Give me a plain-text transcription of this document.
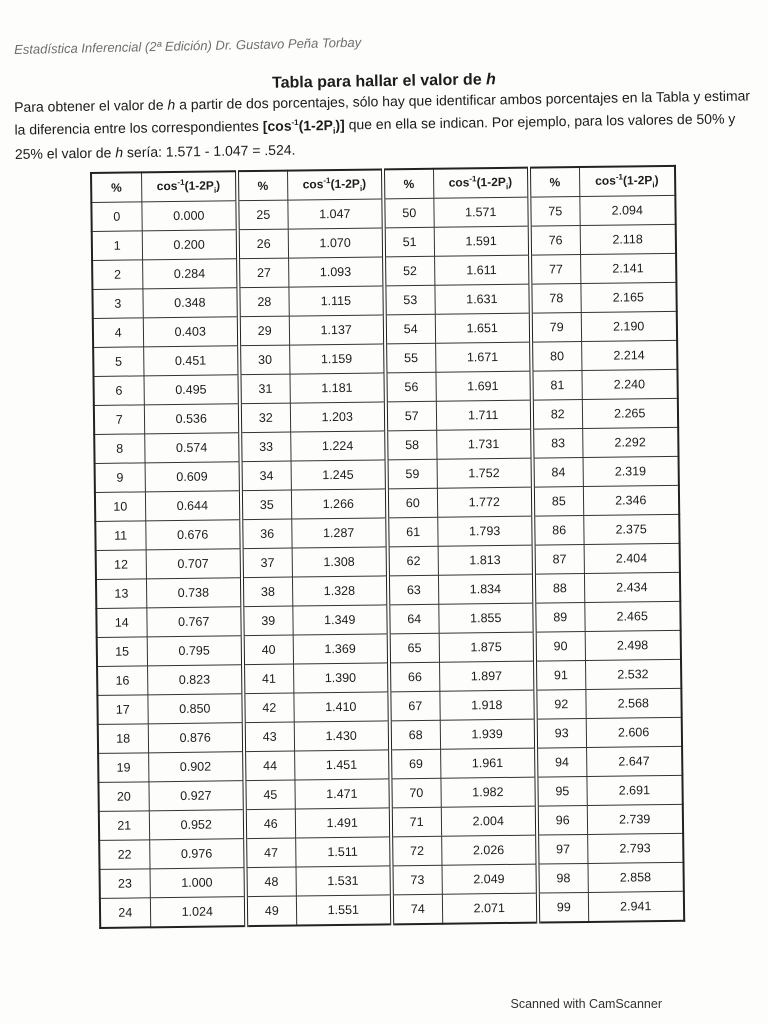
Estadística Inferencial (2ª Edición) Dr. Gustavo Peña Torbay
Tabla para hallar el valor de h

Para obtener el valor de h a partir de dos porcentajes, sólo hay que identificar ambos porcentajes en la Tabla y estimar la diferencia entre los correspondientes $[\cos^{-1}(1-2P_i)]$ que en ella se indican. Por ejemplo, para los valores de 50% y 25% el valor de h sería: 1.571 - 1.047 = .524.

%	$\cos^{-1}(1-2P_i)$	%	$\cos^{-1}(1-2P_i)$	%	$\cos^{-1}(1-2P_i)$	%	$\cos^{-1}(1-2P_i)$
0	0.000	25	1.047	50	1.571	75	2.094
1	0.200	26	1.070	51	1.591	76	2.118
2	0.284	27	1.093	52	1.611	77	2.141
3	0.348	28	1.115	53	1.631	78	2.165
4	0.403	29	1.137	54	1.651	79	2.190
5	0.451	30	1.159	55	1.671	80	2.214
6	0.495	31	1.181	56	1.691	81	2.240
7	0.536	32	1.203	57	1.711	82	2.265
8	0.574	33	1.224	58	1.731	83	2.292
9	0.609	34	1.245	59	1.752	84	2.319
10	0.644	35	1.266	60	1.772	85	2.346
11	0.676	36	1.287	61	1.793	86	2.375
12	0.707	37	1.308	62	1.813	87	2.404
13	0.738	38	1.328	63	1.834	88	2.434
14	0.767	39	1.349	64	1.855	89	2.465
15	0.795	40	1.369	65	1.875	90	2.498
16	0.823	41	1.390	66	1.897	91	2.532
17	0.850	42	1.410	67	1.918	92	2.568
18	0.876	43	1.430	68	1.939	93	2.606
19	0.902	44	1.451	69	1.961	94	2.647
20	0.927	45	1.471	70	1.982	95	2.691
21	0.952	46	1.491	71	2.004	96	2.739
22	0.976	47	1.511	72	2.026	97	2.793
23	1.000	48	1.531	73	2.049	98	2.858
24	1.024	49	1.551	74	2.071	99	2.941
Scanned with CamScanner
